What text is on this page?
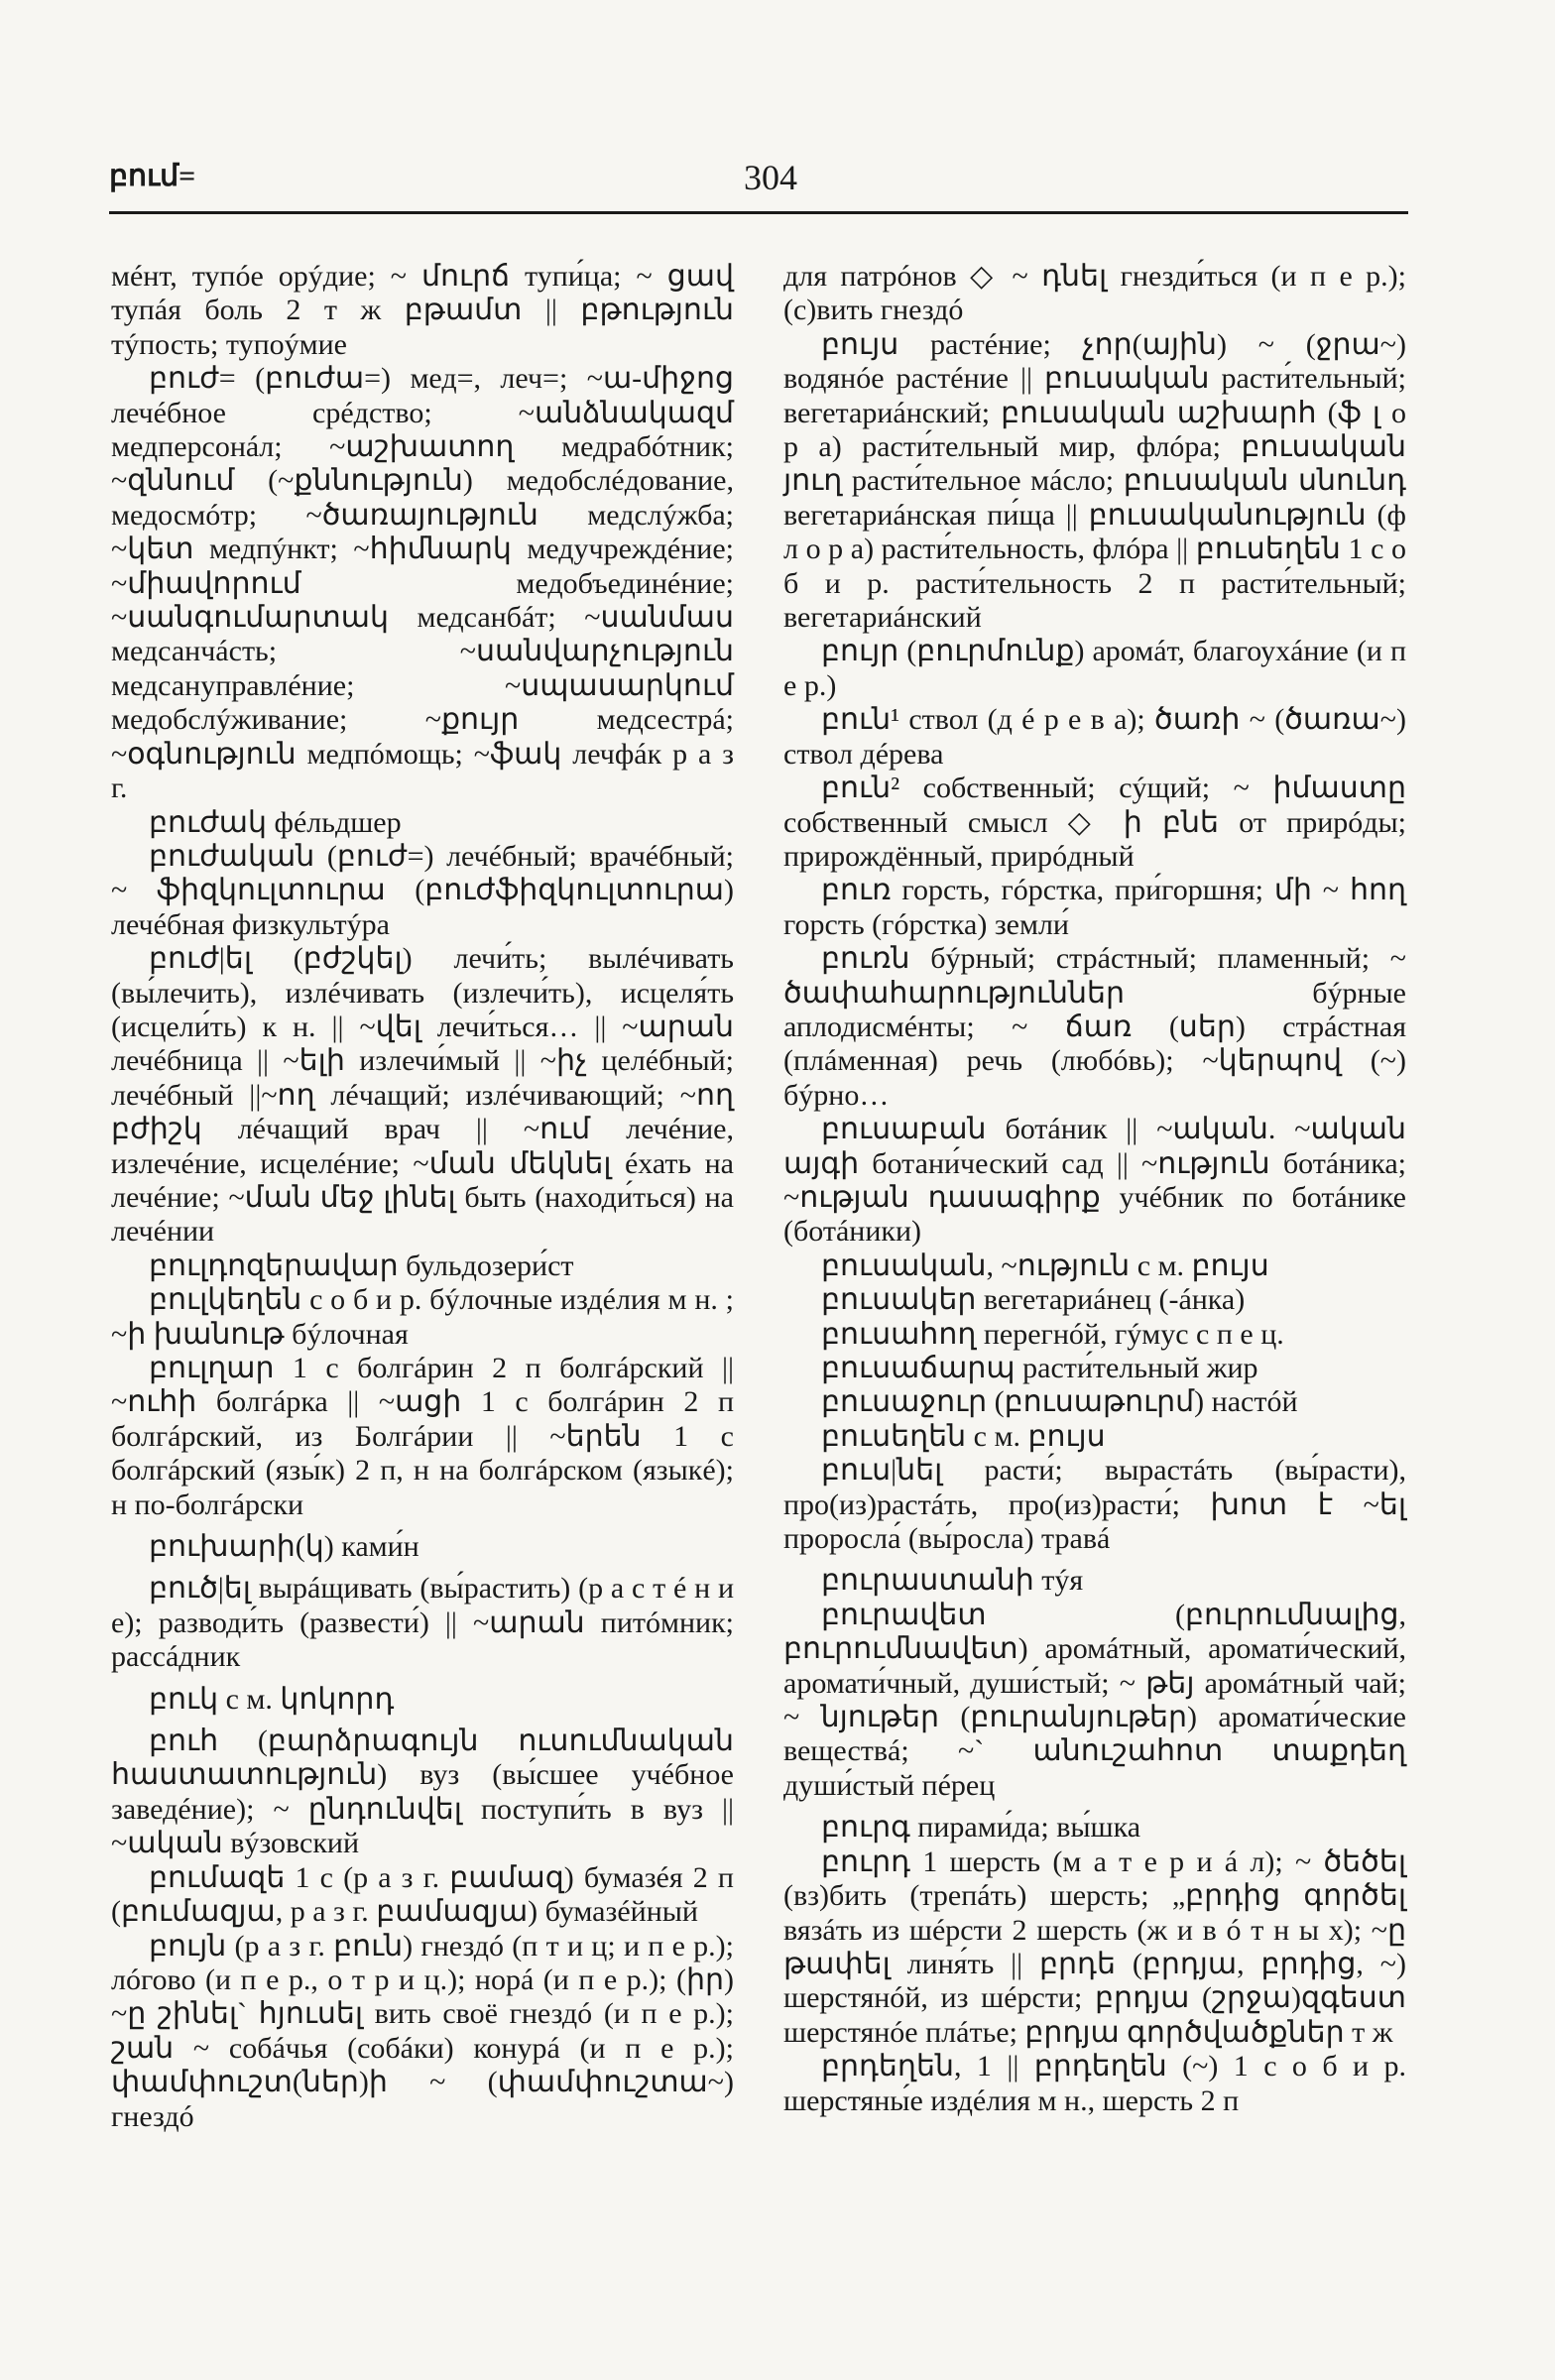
բում=	304

мéнт, тупóе орýдие; ~ մուրճ тупи́ца; ~ ցավ тупáя боль 2 т ж բթամտ || բթություն тýпость; тупоýмие

բուժ= (բուժա=) мед=, леч=; ~ա-միջոց лечéбное срéдство; ~անձնակազմ медперсонáл; ~աշխատող медрабóтник; ~զննում (~քննություն) медобслéдование, медосмóтр; ~ծառայություն медслýжба; ~կետ медпýнкт; ~հիմնարկ медучреждéние; ~միավորում медобъединéние; ~սանգումարտակ медсанбáт; ~սանմաս медсанчáсть; ~սանվարչություն медсануправлéние; ~սպասարկում медобслýживание; ~քույր медсестрá; ~օգնություն медпóмощь; ~ֆակ лечфáк р а з г.

բուժակ фéльдшер

բուժական (բուժ=) лечéбный; врачéбный; ~ ֆիզկուլտուրա (բուժֆիզկուլտուրա) лечéбная физкультýра

բուժ|ել (բժշկել) лечи́ть; вылéчивать (вы́лечить), излéчивать (излечи́ть), исцеля́ть (исцели́ть) к н. || ~վել лечи́ться… || ~արան лечéбница || ~ելի излечи́мый || ~իչ целéбный; лечéбный ||~ող лéчащий; излéчивающий; ~ող բժիշկ лéчащий врач || ~ում лечéние, излечéние, исцелéние; ~ման մեկնել éхать на лечéние; ~ման մեջ լինել быть (находи́ться) на лечéнии

բուլդոզերավար бульдозери́ст

բուլկեղեն с о б и р. бýлочные издéлия м н. ; ~ի խանութ бýлочная

բուլղար 1 с болгáрин 2 п болгáрский || ~ուհի болгáрка || ~ացի 1 с болгáрин 2 п болгáрский, из Болгáрии || ~երեն 1 с болгáрский (язы́к) 2 п, н на болгáрском (языкé); н по-болгáрски

բուխարի(կ) ками́н

բուծ|ել вырáщивать (вы́растить) (р а с т é н и е); разводи́ть (развести́) || ~արան питóмник; рассáдник

բուկ с м. կոկորդ

բուհ (բարձրագույն ուսումնական հաստատություն) вуз (вы́сшее учéбное заведéние); ~ ընդունվել поступи́ть в вуз || ~ական вýзовский

բումազե 1 с (р а з г. բամազ) бумазéя 2 п (բումազյա, р а з г. բամազյա) бумазéйный

բույն (р а з г. բուն) гнездó (п т и ц; и п е р.); лóгово (и п е р., о т р и ц.); норá (и п е р.); (իր) ~ը շինել` հյուսել вить своё гнездó (и п е р.); շան ~ собáчья (собáки) конурá (и п е р.); փամփուշտ(ներ)ի ~ (փամփուշտա~) гнездó

для патрóнов ◇ ~ դնել гнезди́ться (и п е р.); (с)вить гнездó

բույս растéние; չոր(ային) ~ (ջրա~) водянóе растéние || բուսական расти́тельный; вегетариáнский; բուսական աշխարհ (ֆ լ о р а) расти́тельный мир, флóра; բուսական յուղ расти́тельное мáсло; բուսական սնունդ вегетариáнская пи́ща || բուսականություն (ф л о р а) расти́тельность, флóра || բուսեղեն 1 с о б и р. расти́тельность 2 п расти́тельный; вегетариáнский

բույր (բուրմունք) аромáт, благоухáние (и п е р.)

բուն¹ ствол (д é р е в а); ծառի ~ (ծառա~) ствол дéрева

բուն² собственный; сýщий; ~ իմաստը собственный смысл ◇ ի բնե от прирóды; прирождённый, прирóдный

բուռ горсть, гóрстка, при́горшня; մի ~ հող горсть (гóрстка) земли́

բուռն бýрный; стрáстный; пламенный; ~ ծափահարություններ бýрные аплодисмéнты; ~ ճառ (սեր) стрáстная (плáменная) речь (любóвь); ~կերպով (~) бýрно…

բուսաբան ботáник || ~ական. ~ական այգի ботани́ческий сад || ~ություն ботáника; ~ության դասագիրք учéбник по ботáнике (ботáники)

բուսական, ~ություն с м. բույս

բուսակեր вегетариáнец (-áнка)

բուսահող перегнóй, гýмус с п е ц.

բուսաճարպ расти́тельный жир

բուսաջուր (բուսաթուրմ) настóй

բուսեղեն с м. բույս

բուս|նել расти́; вырастáть (вы́расти), про(из)растáть, про(из)расти́; խոտ է ~ել проросла́ (вы́росла) травá

բուրաստանի тýя

բուրավետ (բուրումնալից, բուրումնավետ) аромáтный, аромати́ческий, аромати́чный, души́стый; ~ թեյ аромáтный чай; ~ նյութեր (բուրանյութեր) аромати́ческие веществá; ~` անուշահոտ տաքդեղ души́стый пéрец

բուրգ пирами́да; вы́шка

բուրդ 1 шерсть (м а т е р и á л); ~ ծեծել (вз)бить (трепáть) шерсть; „բրդից գործել вязáть из шéрсти 2 шерсть (ж и в ó т н ы х); ~ը թափել линя́ть || բրդե (բրդյա, բրդից, ~) шерстянóй, из шéрсти; բրդյա (շրջա)զգեստ шерстянóе плáтье; բրդյա գործվածքներ т ж

բրդեղեն, 1 || բրդեղեն (~) 1 с о б и р. шерстяны́е издéлия м н., шерсть 2 п
